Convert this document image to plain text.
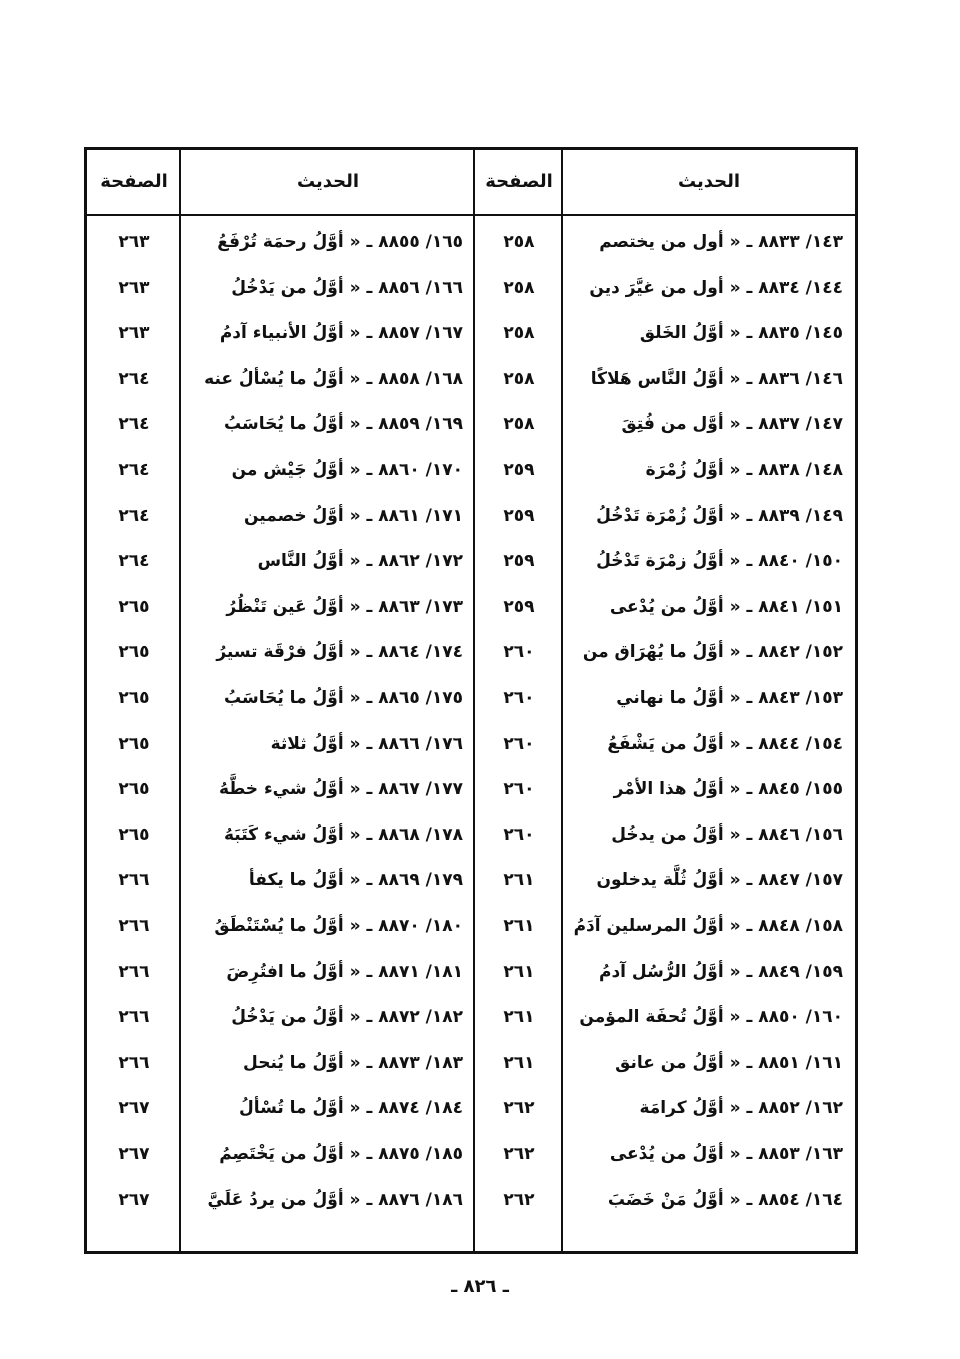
الحديث
الصفحة
الحديث
الصفحة
١٤٣/ ٨٨٣٣ ـ « أول من يختصم
٢٥٨
١٤٤/ ٨٨٣٤ ـ « أول من غيَّرَ دين
٢٥٨
١٤٥/ ٨٨٣٥ ـ « أوَّلُ الخَلق
٢٥٨
١٤٦/ ٨٨٣٦ ـ « أوَّلُ النَّاس هَلاكًا
٢٥٨
١٤٧/ ٨٨٣٧ ـ « أوَّل من فُتِقَ
٢٥٨
١٤٨/ ٨٨٣٨ ـ « أوَّلُ زُمْرَة
٢٥٩
١٤٩/ ٨٨٣٩ ـ « أوَّلُ زُمْرَة تَدْخُلُ
٢٥٩
١٥٠/ ٨٨٤٠ ـ « أوَّلُ زمْرَة تَدْخُلُ
٢٥٩
١٥١/ ٨٨٤١ ـ « أوَّلُ من يُدْعى
٢٥٩
١٥٢/ ٨٨٤٢ ـ « أوَّلُ ما يُهْرَاق من
٢٦٠
١٥٣/ ٨٨٤٣ ـ « أوَّلُ ما نهاني
٢٦٠
١٥٤/ ٨٨٤٤ ـ « أوَّلُ من يَشْفَعُ
٢٦٠
١٥٥/ ٨٨٤٥ ـ « أوَّلُ هذا الأمْر
٢٦٠
١٥٦/ ٨٨٤٦ ـ « أوَّلُ من يدخُل
٢٦٠
١٥٧/ ٨٨٤٧ ـ « أوَّلُ ثُلَّة يدخلون
٢٦١
١٥٨/ ٨٨٤٨ ـ « أوَّلُ المرسلين آدَمُ
٢٦١
١٥٩/ ٨٨٤٩ ـ « أوَّلُ الرُّسُل آدمُ
٢٦١
١٦٠/ ٨٨٥٠ ـ « أوَّلُ تُحفَة المؤمن
٢٦١
١٦١/ ٨٨٥١ ـ « أوَّلُ من عانق
٢٦١
١٦٢/ ٨٨٥٢ ـ « أوَّلُ كرامَة
٢٦٢
١٦٣/ ٨٨٥٣ ـ « أوَّلُ من يُدْعى
٢٦٢
١٦٤/ ٨٨٥٤ ـ « أوَّلُ مَنْ خَضَبَ
٢٦٢
١٦٥/ ٨٨٥٥ ـ « أوَّلُ رحمَة تُرْفَعُ
٢٦٣
١٦٦/ ٨٨٥٦ ـ « أوَّلُ من يَدْخُلُ
٢٦٣
١٦٧/ ٨٨٥٧ ـ « أوَّلُ الأنبياء آدمُ
٢٦٣
١٦٨/ ٨٨٥٨ ـ « أوَّلُ ما يُسْألُ عنه
٢٦٤
١٦٩/ ٨٨٥٩ ـ « أوَّلُ ما يُحَاسَبُ
٢٦٤
١٧٠/ ٨٨٦٠ ـ « أوَّلُ جَيْش من
٢٦٤
١٧١/ ٨٨٦١ ـ « أوَّلُ خصمين
٢٦٤
١٧٢/ ٨٨٦٢ ـ « أوَّلُ النَّاس
٢٦٤
١٧٣/ ٨٨٦٣ ـ « أوَّلُ عَين تَنْظُرُ
٢٦٥
١٧٤/ ٨٨٦٤ ـ « أوَّلُ فرْقَة تسيرُ
٢٦٥
١٧٥/ ٨٨٦٥ ـ « أوَّلُ ما يُحَاسَبُ
٢٦٥
١٧٦/ ٨٨٦٦ ـ « أوَّلُ ثلاثة
٢٦٥
١٧٧/ ٨٨٦٧ ـ « أوَّلُ شيء خطَّهُ
٢٦٥
١٧٨/ ٨٨٦٨ ـ « أوَّلُ شيء كَتَبَهُ
٢٦٥
١٧٩/ ٨٨٦٩ ـ « أوَّلُ ما يكفأ
٢٦٦
١٨٠/ ٨٨٧٠ ـ « أوَّلُ ما يُسْتَنْطَقُ
٢٦٦
١٨١/ ٨٨٧١ ـ « أوَّلُ ما افتُرِضَ
٢٦٦
١٨٢/ ٨٨٧٢ ـ « أوَّلُ من يَدْخُلُ
٢٦٦
١٨٣/ ٨٨٧٣ ـ « أوَّلُ ما يُنحل
٢٦٦
١٨٤/ ٨٨٧٤ ـ « أوَّلُ ما تُسْألُ
٢٦٧
١٨٥/ ٨٨٧٥ ـ « أوَّلُ من يَخْتَصِمُ
٢٦٧
١٨٦/ ٨٨٧٦ ـ « أوَّلُ من يردُ عَلَيَّ
٢٦٧
ـ ٨٢٦ ـ
